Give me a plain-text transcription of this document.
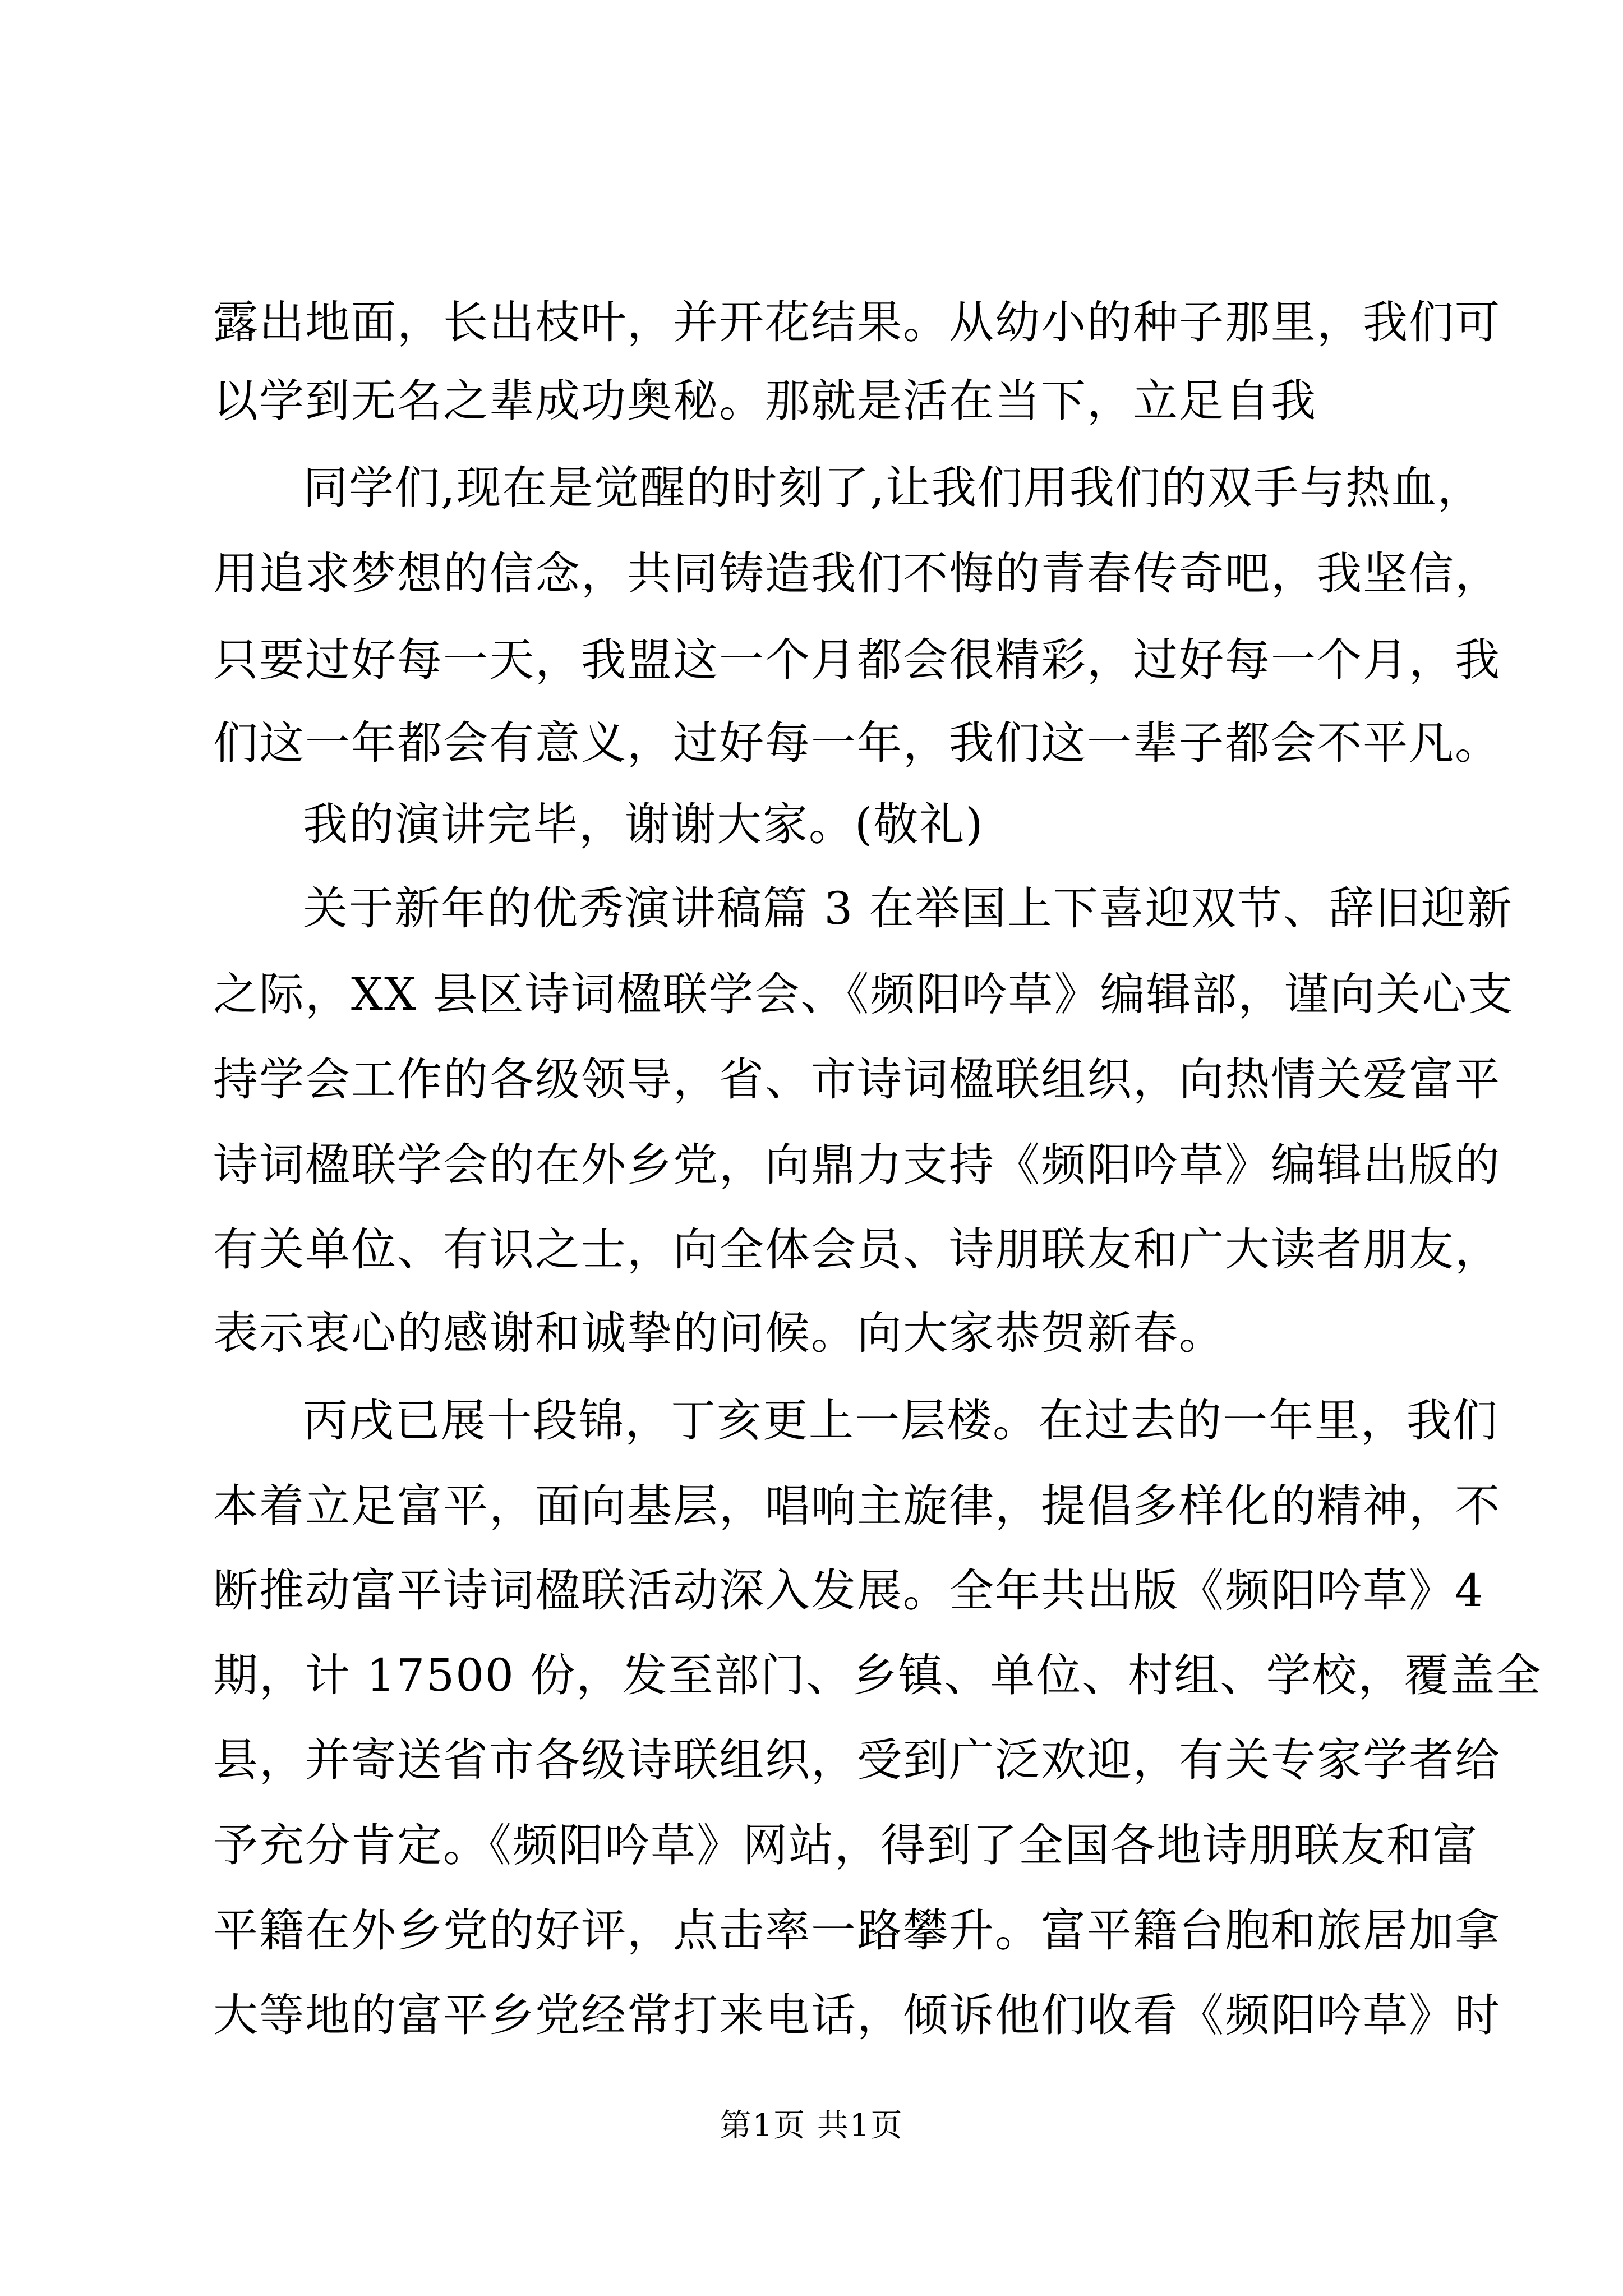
露出地面，长出枝叶，并开花结果。从幼小的种子那里，我们可
以学到无名之辈成功奥秘。那就是活在当下，立足自我
同学们,现在是觉醒的时刻了,让我们用我们的双手与热血，
用追求梦想的信念，共同铸造我们不悔的青春传奇吧，我坚信，
只要过好每一天，我盟这一个月都会很精彩，过好每一个月，我
们这一年都会有意义，过好每一年，我们这一辈子都会不平凡。
我的演讲完毕，谢谢大家。(敬礼)
关于新年的优秀演讲稿篇 3 在举国上下喜迎双节、辞旧迎新
之际，XX 县区诗词楹联学会、《频阳吟草》编辑部，谨向关心支
持学会工作的各级领导，省、市诗词楹联组织，向热情关爱富平
诗词楹联学会的在外乡党，向鼎力支持《频阳吟草》编辑出版的
有关单位、有识之士，向全体会员、诗朋联友和广大读者朋友，
表示衷心的感谢和诚挚的问候。向大家恭贺新春。
丙戌已展十段锦，丁亥更上一层楼。在过去的一年里，我们
本着立足富平，面向基层，唱响主旋律，提倡多样化的精神，不
断推动富平诗词楹联活动深入发展。全年共出版《频阳吟草》4
期，计 17500 份，发至部门、乡镇、单位、村组、学校，覆盖全
县，并寄送省市各级诗联组织，受到广泛欢迎，有关专家学者给
予充分肯定。《频阳吟草》网站，得到了全国各地诗朋联友和富
平籍在外乡党的好评，点击率一路攀升。富平籍台胞和旅居加拿
大等地的富平乡党经常打来电话，倾诉他们收看《频阳吟草》时
第1页 共1页
